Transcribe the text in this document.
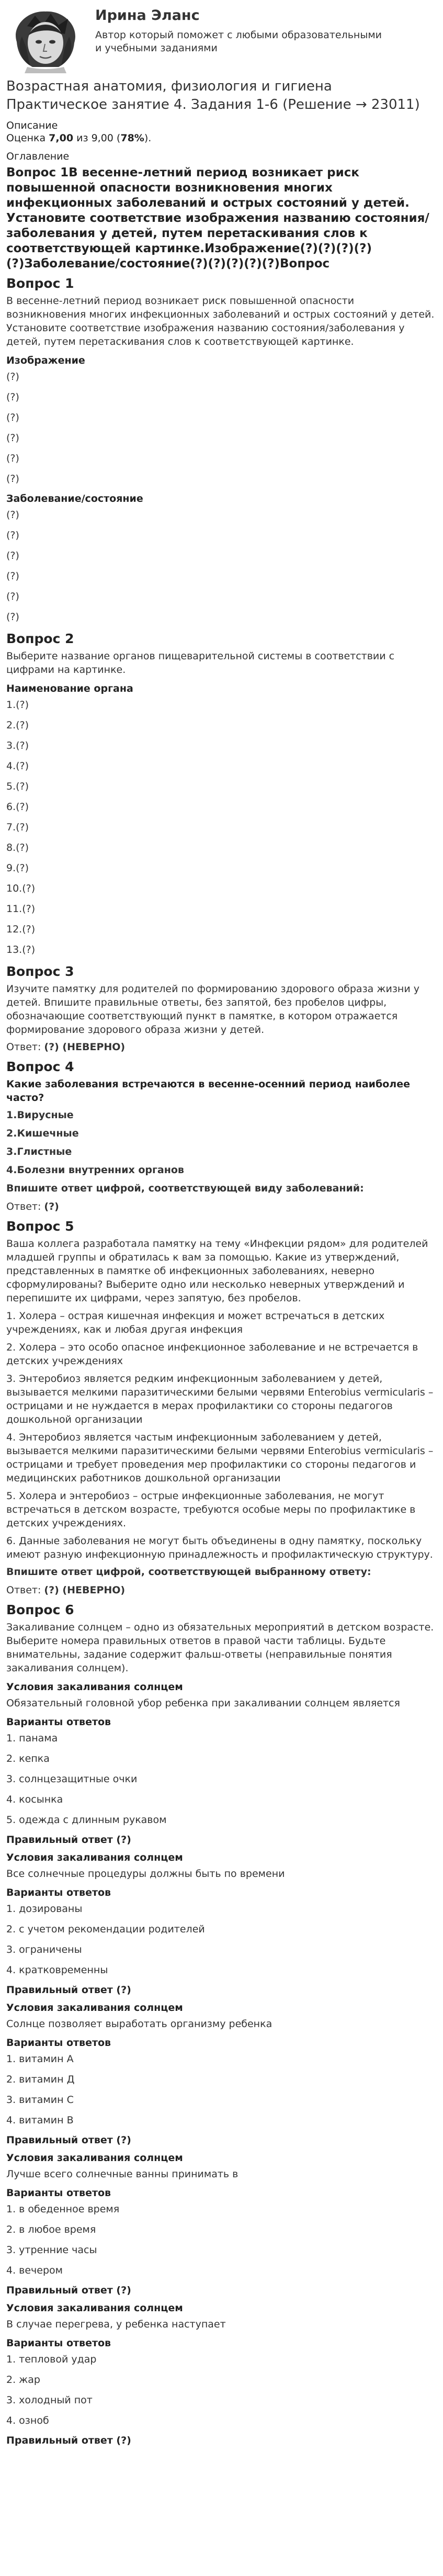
Ирина Эланс
Автор который поможет с любыми образовательными и учебными заданиями
Возрастная анатомия, физиология и гигиена Практическое занятие 4. Задания 1-6 (Решение → 23011)
Описание
Оценка 7,00 из 9,00 (78%).
Оглавление
Вопрос 1В весенне-летний период возникает риск повышенной опасности возникновения многих инфекционных заболеваний и острых состояний у детей. Установите соответствие изображения названию состояния/заболевания у детей, путем перетаскивания слов к соответствующей картинке.Изображение(?)(?)(?)(?)(?)Заболевание/состояние(?)(?)(?)(?)(?)Вопрос
Вопрос 1

В весенне-летний период возникает риск повышенной опасности возникновения многих инфекционных заболеваний и острых состояний у детей. Установите соответствие изображения названию состояния/заболевания у детей, путем перетаскивания слов к соответствующей картинке.

Изображение
(?)
(?)
(?)
(?)
(?)
(?)
Заболевание/состояние
(?)
(?)
(?)
(?)
(?)
(?)
Вопрос 2

Выберите название органов пищеварительной системы в соответствии с цифрами на картинке.

Наименование органа
1.(?)
2.(?)
3.(?)
4.(?)
5.(?)
6.(?)
7.(?)
8.(?)
9.(?)
10.(?)
11.(?)
12.(?)
13.(?)
Вопрос 3

Изучите памятку для родителей по формированию здорового образа жизни у детей. Впишите правильные ответы, без запятой, без пробелов цифры, обозначающие соответствующий пункт в памятке, в котором отражается формирование здорового образа жизни у детей.

Ответ: (?) (НЕВЕРНО)
Вопрос 4
Какие заболевания встречаются в весенне-осенний период наиболее часто?
1.Вирусные
2.Кишечные
3.Глистные
4.Болезни внутренних органов
Впишите ответ цифрой, соответствующей виду заболеваний:
Ответ: (?)
Вопрос 5

Ваша коллега разработала памятку на тему «Инфекции рядом» для родителей младшей группы и обратилась к вам за помощью. Какие из утверждений, представленных в памятке об инфекционных заболеваниях, неверно сформулированы? Выберите одно или несколько неверных утверждений и перепишите их цифрами, через запятую, без пробелов.

1. Холера – острая кишечная инфекция и может встречаться в детских учреждениях, как и любая другая инфекция

2. Холера – это особо опасное инфекционное заболевание и не встречается в детских учреждениях

3. Энтеробиоз является редким инфекционным заболеванием у детей, вызывается мелкими паразитическими белыми червями Enterobius vermicularis – острицами и не нуждается в мерах профилактики со стороны педагогов дошкольной организации

4. Энтеробиоз является частым инфекционным заболеванием у детей, вызывается мелкими паразитическими белыми червями Enterobius vermicularis – острицами и требует проведения мер профилактики со стороны педагогов и медицинских работников дошкольной организации

5. Холера и энтеробиоз – острые инфекционные заболевания, не могут встречаться в детском возрасте, требуются особые меры по профилактике в детских учреждениях.

6. Данные заболевания не могут быть объединены в одну памятку, поскольку имеют разную инфекционную принадлежность и профилактическую структуру.

Впишите ответ цифрой, соответствующей выбранному ответу:
Ответ: (?) (НЕВЕРНО)
Вопрос 6

Закаливание солнцем – одно из обязательных мероприятий в детском возрасте. Выберите номера правильных ответов в правой части таблицы. Будьте внимательны, задание содержит фальш-ответы (неправильные понятия закаливания солнцем).

Условия закаливания солнцем
Обязательный головной убор ребенка при закаливании солнцем является
Варианты ответов
1. панама
2. кепка
3. солнцезащитные очки
4. косынка
5. одежда с длинным рукавом
Правильный ответ (?)
Условия закаливания солнцем
Все солнечные процедуры должны быть по времени
Варианты ответов
1. дозированы
2. с учетом рекомендации родителей
3. ограничены
4. кратковременны
Правильный ответ (?)
Условия закаливания солнцем
Солнце позволяет выработать организму ребенка
Варианты ответов
1. витамин А
2. витамин Д
3. витамин С
4. витамин В
Правильный ответ (?)
Условия закаливания солнцем
Лучше всего солнечные ванны принимать в
Варианты ответов
1. в обеденное время
2. в любое время
3. утренние часы
4. вечером
Правильный ответ (?)
Условия закаливания солнцем
В случае перегрева, у ребенка наступает
Варианты ответов
1. тепловой удар
2. жар
3. холодный пот
4. озноб
Правильный ответ (?)
